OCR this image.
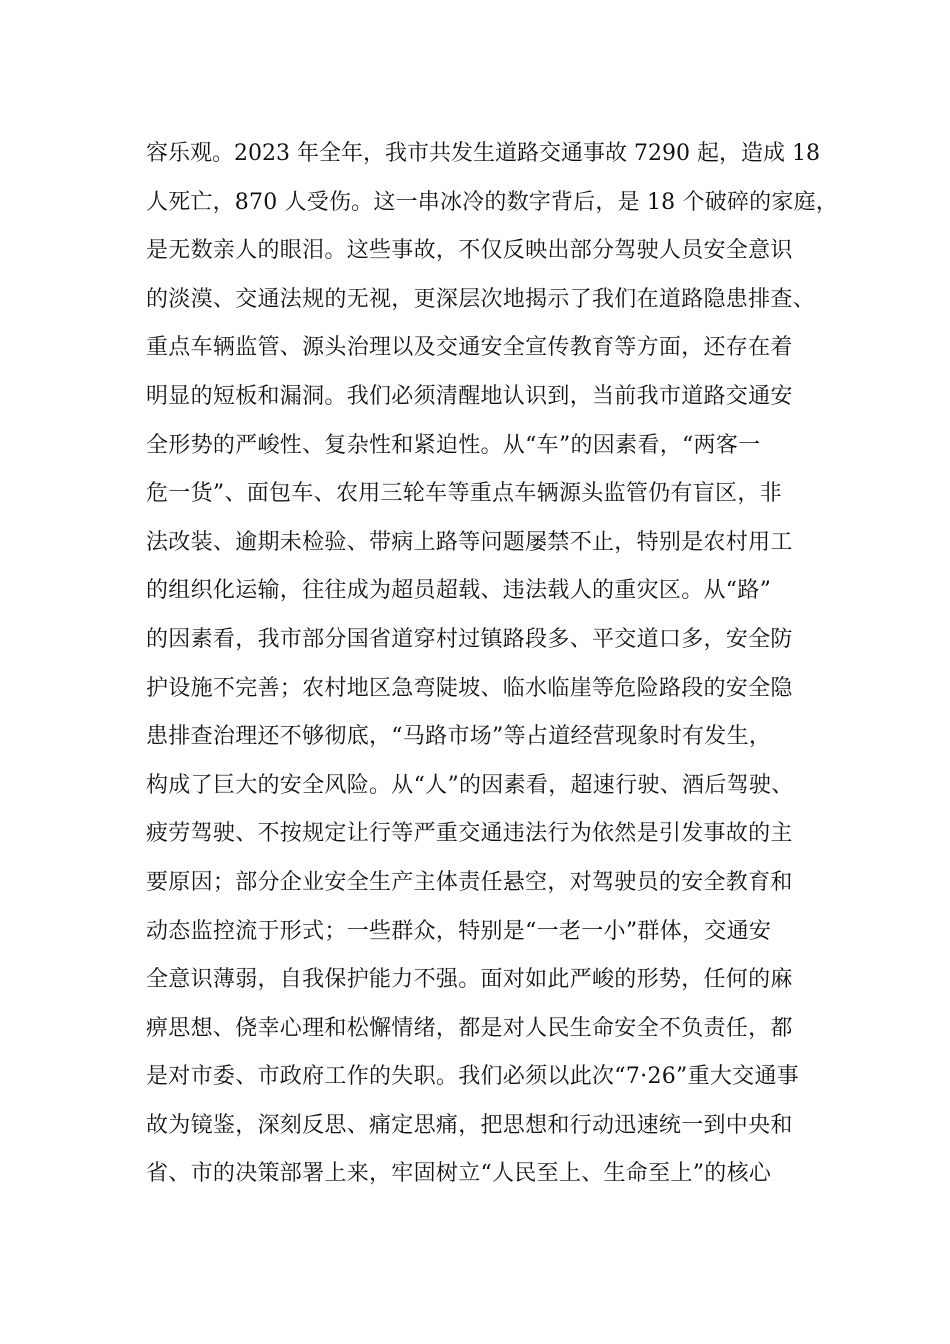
容乐观。2023 年全年，我市共发生道路交通事故 7290 起，造成 18
人死亡，870 人受伤。这一串冰冷的数字背后，是 18 个破碎的家庭，
是无数亲人的眼泪。这些事故，不仅反映出部分驾驶人员安全意识
的淡漠、交通法规的无视，更深层次地揭示了我们在道路隐患排查、
重点车辆监管、源头治理以及交通安全宣传教育等方面，还存在着
明显的短板和漏洞。我们必须清醒地认识到，当前我市道路交通安
全形势的严峻性、复杂性和紧迫性。从“车”的因素看，“两客一
危一货”、面包车、农用三轮车等重点车辆源头监管仍有盲区，非
法改装、逾期未检验、带病上路等问题屡禁不止，特别是农村用工
的组织化运输，往往成为超员超载、违法载人的重灾区。从“路”
的因素看，我市部分国省道穿村过镇路段多、平交道口多，安全防
护设施不完善；农村地区急弯陡坡、临水临崖等危险路段的安全隐
患排查治理还不够彻底，“马路市场”等占道经营现象时有发生，
构成了巨大的安全风险。从“人”的因素看，超速行驶、酒后驾驶、
疲劳驾驶、不按规定让行等严重交通违法行为依然是引发事故的主
要原因；部分企业安全生产主体责任悬空，对驾驶员的安全教育和
动态监控流于形式；一些群众，特别是“一老一小”群体，交通安
全意识薄弱，自我保护能力不强。面对如此严峻的形势，任何的麻
痹思想、侥幸心理和松懈情绪，都是对人民生命安全不负责任，都
是对市委、市政府工作的失职。我们必须以此次“7·26”重大交通事
故为镜鉴，深刻反思、痛定思痛，把思想和行动迅速统一到中央和
省、市的决策部署上来，牢固树立“人民至上、生命至上”的核心
